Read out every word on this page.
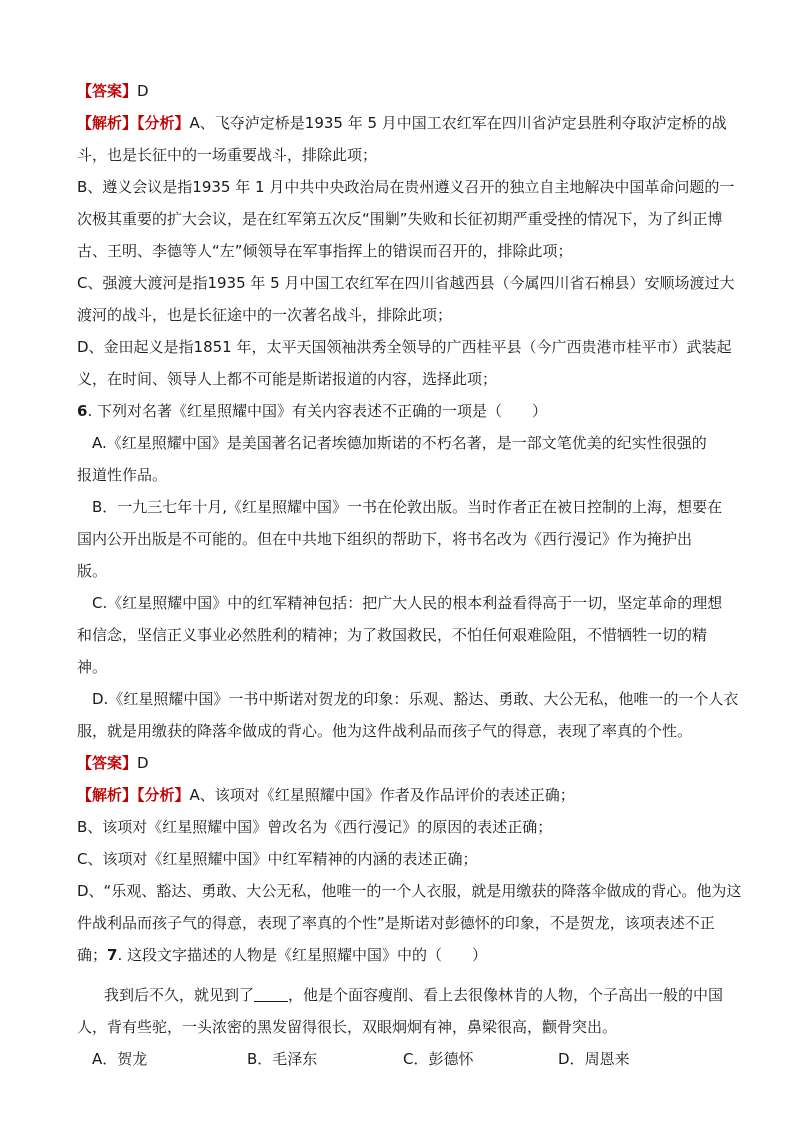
【答案】D
【解析】【分析】A、飞夺泸定桥是1935 年 5 月中国工农红军在四川省泸定县胜利夺取泸定桥的战
斗，也是长征中的一场重要战斗，排除此项；
B、遵义会议是指1935 年 1 月中共中央政治局在贵州遵义召开的独立自主地解决中国革命问题的一
次极其重要的扩大会议，是在红军第五次反“围剿”失败和长征初期严重受挫的情况下，为了纠正博
古、王明、李德等人“左”倾领导在军事指挥上的错误而召开的，排除此项；
C、强渡大渡河是指1935 年 5 月中国工农红军在四川省越西县（今属四川省石棉县）安顺场渡过大
渡河的战斗，也是长征途中的一次著名战斗，排除此项；
D、金田起义是指1851 年，太平天国领袖洪秀全领导的广西桂平县（今广西贵港市桂平市）武装起
义，在时间、领导人上都不可能是斯诺报道的内容，选择此项；
6. 下列对名著《红星照耀中国》有关内容表述不正确的一项是（　　）
A.《红星照耀中国》是美国著名记者埃德加斯诺的不朽名著，是一部文笔优美的纪实性很强的
报道性作品。
B．一九三七年十月,《红星照耀中国》一书在伦敦出版。当时作者正在被日控制的上海，想要在
国内公开出版是不可能的。但在中共地下组织的帮助下，将书名改为《西行漫记》作为掩护出
版。
C.《红星照耀中国》中的红军精神包括：把广大人民的根本利益看得高于一切，坚定革命的理想
和信念，坚信正义事业必然胜利的精神；为了救国救民，不怕任何艰难险阻，不惜牺牲一切的精
神。
D.《红星照耀中国》一书中斯诺对贺龙的印象：乐观、豁达、勇敢、大公无私，他唯一的一个人衣
服，就是用缴获的降落伞做成的背心。他为这件战利品而孩子气的得意，表现了率真的个性。
【答案】D
【解析】【分析】A、该项对《红星照耀中国》作者及作品评价的表述正确；
B、该项对《红星照耀中国》曾改名为《西行漫记》的原因的表述正确；
C、该项对《红星照耀中国》中红军精神的内涵的表述正确；
D、“乐观、豁达、勇敢、大公无私，他唯一的一个人衣服，就是用缴获的降落伞做成的背心。他为这
件战利品而孩子气的得意，表现了率真的个性”是斯诺对彭德怀的印象，不是贺龙，该项表述不正
确；7. 这段文字描述的人物是《红星照耀中国》中的（　　）
我到后不久，就见到了 ，他是个面容瘦削、看上去很像林肯的人物，个子高出一般的中国
人，背有些驼，一头浓密的黑发留得很长，双眼炯炯有神，鼻梁很高，颧骨突出。
A．贺龙	B．毛泽东	C．彭德怀	D．周恩来
